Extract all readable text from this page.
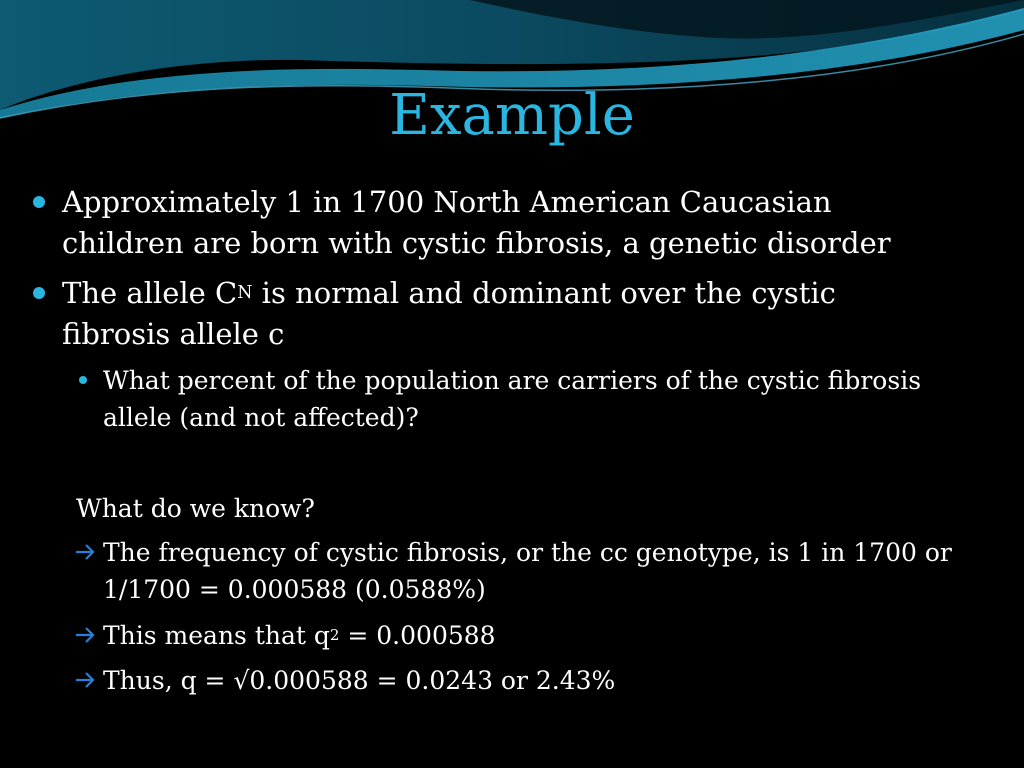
Example
Approximately 1 in 1700 North American Caucasian children are born with cystic fibrosis, a genetic disorder
The allele $C^N$ is normal and dominant over the cystic fibrosis allele c
What percent of the population are carriers of the cystic fibrosis allele (and not affected)?
What do we know?
The frequency of cystic fibrosis, or the cc genotype, is 1 in 1700 or 1/1700 = 0.000588 (0.0588%)
This means that $q^2 = 0.000588$
Thus, q = √0.000588 = 0.0243 or 2.43%
